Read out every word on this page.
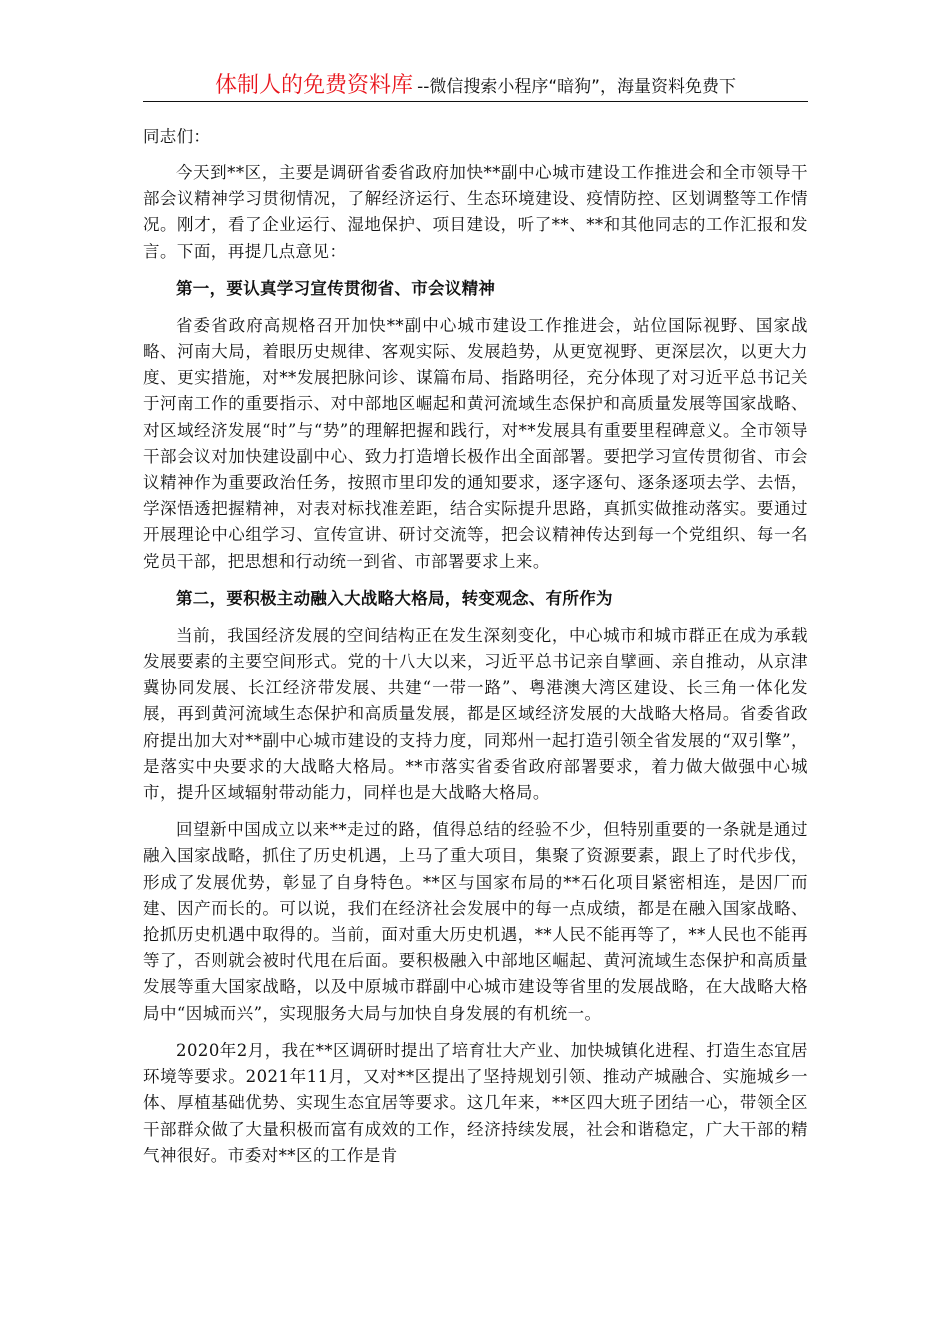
体制人的免费资料库 --微信搜索小程序“暗狗”，海量资料免费下

同志们：

今天到**区，主要是调研省委省政府加快**副中心城市建设工作推进会和全市领导干部会议精神学习贯彻情况，了解经济运行、生态环境建设、疫情防控、区划调整等工作情况。刚才，看了企业运行、湿地保护、项目建设，听了**、**和其他同志的工作汇报和发言。下面，再提几点意见：

第一，要认真学习宣传贯彻省、市会议精神

省委省政府高规格召开加快**副中心城市建设工作推进会，站位国际视野、国家战略、河南大局，着眼历史规律、客观实际、发展趋势，从更宽视野、更深层次，以更大力度、更实措施，对**发展把脉问诊、谋篇布局、指路明径，充分体现了对习近平总书记关于河南工作的重要指示、对中部地区崛起和黄河流域生态保护和高质量发展等国家战略、对区域经济发展“时”与“势”的理解把握和践行，对**发展具有重要里程碑意义。全市领导干部会议对加快建设副中心、致力打造增长极作出全面部署。要把学习宣传贯彻省、市会议精神作为重要政治任务，按照市里印发的通知要求，逐字逐句、逐条逐项去学、去悟，学深悟透把握精神，对表对标找准差距，结合实际提升思路，真抓实做推动落实。要通过开展理论中心组学习、宣传宣讲、研讨交流等，把会议精神传达到每一个党组织、每一名党员干部，把思想和行动统一到省、市部署要求上来。

第二，要积极主动融入大战略大格局，转变观念、有所作为

当前，我国经济发展的空间结构正在发生深刻变化，中心城市和城市群正在成为承载发展要素的主要空间形式。党的十八大以来，习近平总书记亲自擘画、亲自推动，从京津冀协同发展、长江经济带发展、共建“一带一路”、粤港澳大湾区建设、长三角一体化发展，再到黄河流域生态保护和高质量发展，都是区域经济发展的大战略大格局。省委省政府提出加大对**副中心城市建设的支持力度，同郑州一起打造引领全省发展的“双引擎”，是落实中央要求的大战略大格局。**市落实省委省政府部署要求，着力做大做强中心城市，提升区域辐射带动能力，同样也是大战略大格局。

回望新中国成立以来**走过的路，值得总结的经验不少，但特别重要的一条就是通过融入国家战略，抓住了历史机遇，上马了重大项目，集聚了资源要素，跟上了时代步伐，形成了发展优势，彰显了自身特色。**区与国家布局的**石化项目紧密相连，是因厂而建、因产而长的。可以说，我们在经济社会发展中的每一点成绩，都是在融入国家战略、抢抓历史机遇中取得的。当前，面对重大历史机遇，**人民不能再等了，**人民也不能再等了，否则就会被时代甩在后面。要积极融入中部地区崛起、黄河流域生态保护和高质量发展等重大国家战略，以及中原城市群副中心城市建设等省里的发展战略，在大战略大格局中“因城而兴”，实现服务大局与加快自身发展的有机统一。

2020年2月，我在**区调研时提出了培育壮大产业、加快城镇化进程、打造生态宜居环境等要求。2021年11月，又对**区提出了坚持规划引领、推动产城融合、实施城乡一体、厚植基础优势、实现生态宜居等要求。这几年来，**区四大班子团结一心，带领全区干部群众做了大量积极而富有成效的工作，经济持续发展，社会和谐稳定，广大干部的精气神很好。市委对**区的工作是肯
